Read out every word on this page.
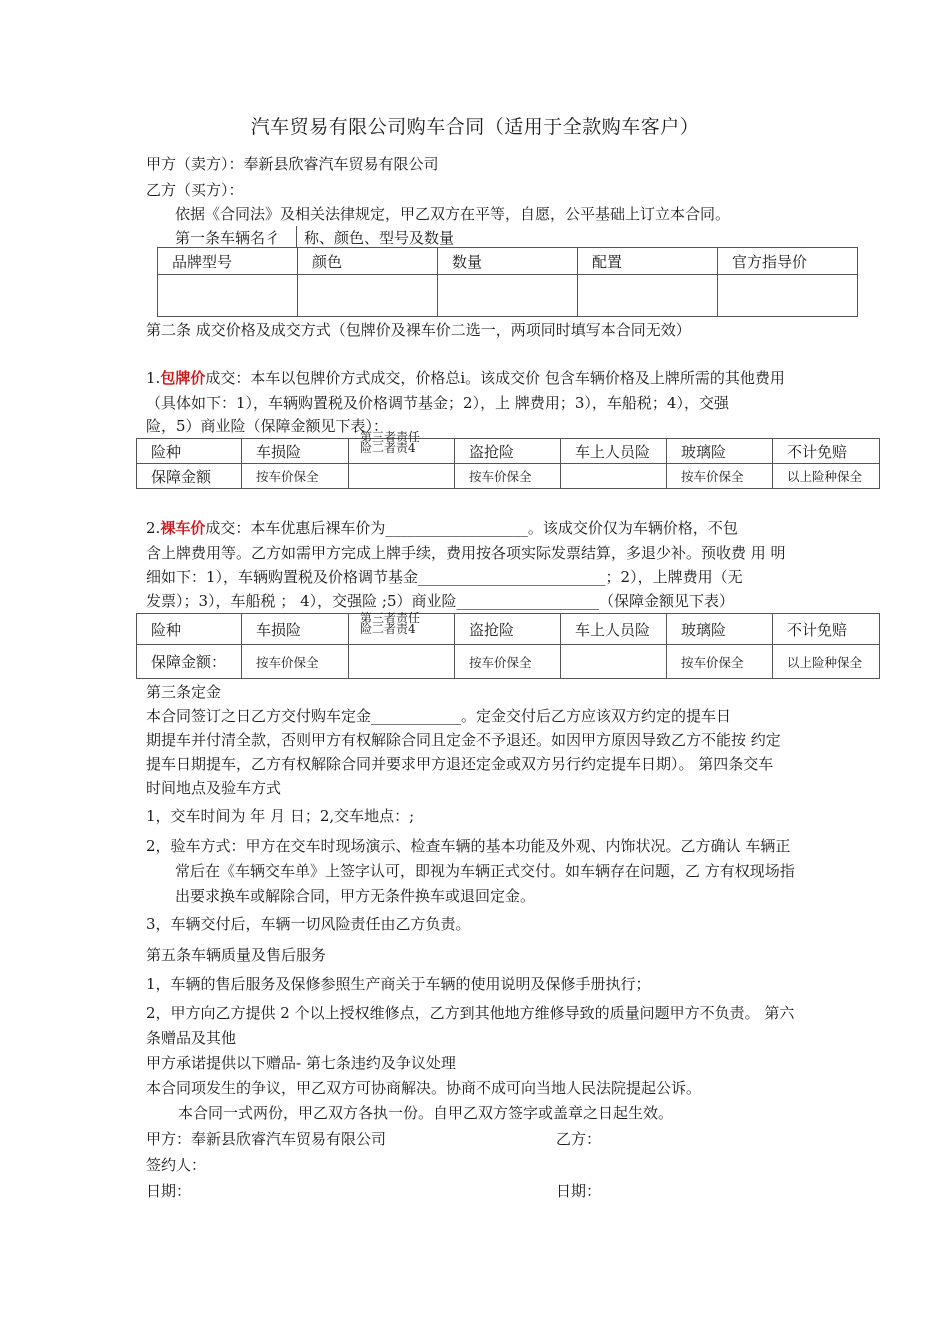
汽车贸易有限公司购车合同（适用于全款购车客户）
甲方（卖方）：奉新县欣睿汽车贸易有限公司
乙方（买方）：
依据《合同法》及相关法律规定，甲乙双方在平等，自愿，公平基础上订立本合同。
第一条车辆名彳 称、颜色、型号及数量
品牌型号	颜色	数量	配置	官方指导价

第二条 成交价格及成交方式（包牌价及裸车价二选一，两项同时填写本合同无效）
1.包牌价成交：本车以包牌价方式成交，价格总ⅰ。该成交价 包含车辆价格及上牌所需的其他费用
（具体如下：1），车辆购置税及价格调节基金；2），上 牌费用；3），车船税；4），交强
险，5）商业险（保障金额见下表）：
险种	车损险		盗抢险	车上人员险	玻璃险	不计免赔
保障金额	按车价保全		按车价保全		按车价保全	以上险种保全
第三者责任
险二者责4
2.裸车价成交：本车优惠后裸车价为___________________。该成交价仅为车辆价格，不包
含上牌费用等。乙方如需甲方完成上牌手续，费用按各项实际发票结算，多退少补。预收费 用 明
细如下：1），车辆购置税及价格调节基金_________________________；2），上牌费用（无
发票）；3），车船税 ； 4），交强险 ;5）商业险___________________（保障金额见下表）
险种	车损险		盗抢险	车上人员险	玻璃险	不计免赔
保障金额：	按车价保全		按车价保全		按车价保全	以上险种保全
第三者责任
险二者责4
第三条定金
本合同签订之日乙方交付购车定金____________。定金交付后乙方应该双方约定的提车日
期提车并付清全款，否则甲方有权解除合同且定金不予退还。如因甲方原因导致乙方不能按 约定
提车日期提车，乙方有权解除合同并要求甲方退还定金或双方另行约定提车日期）。 第四条交车
时间地点及验车方式
1，交车时间为 年 月 日；2,交车地点：;
2，验车方式：甲方在交车时现场演示、检查车辆的基本功能及外观、内饰状况。乙方确认 车辆正
常后在《车辆交车单》上签字认可，即视为车辆正式交付。如车辆存在问题，乙 方有权现场指
出要求换车或解除合同，甲方无条件换车或退回定金。
3，车辆交付后，车辆一切风险责任由乙方负责。
第五条车辆质量及售后服务
1，车辆的售后服务及保修参照生产商关于车辆的使用说明及保修手册执行；
2，甲方向乙方提供 2 个以上授权维修点，乙方到其他地方维修导致的质量问题甲方不负责。 第六
条赠品及其他
甲方承诺提供以下赠品- 第七条违约及争议处理
本合同项发生的争议，甲乙双方可协商解决。协商不成可向当地人民法院提起公诉。
本合同一式两份，甲乙双方各执一份。自甲乙双方签字或盖章之日起生效。
甲方：奉新县欣睿汽车贸易有限公司	乙方：
签约人：
日期：	日期：
